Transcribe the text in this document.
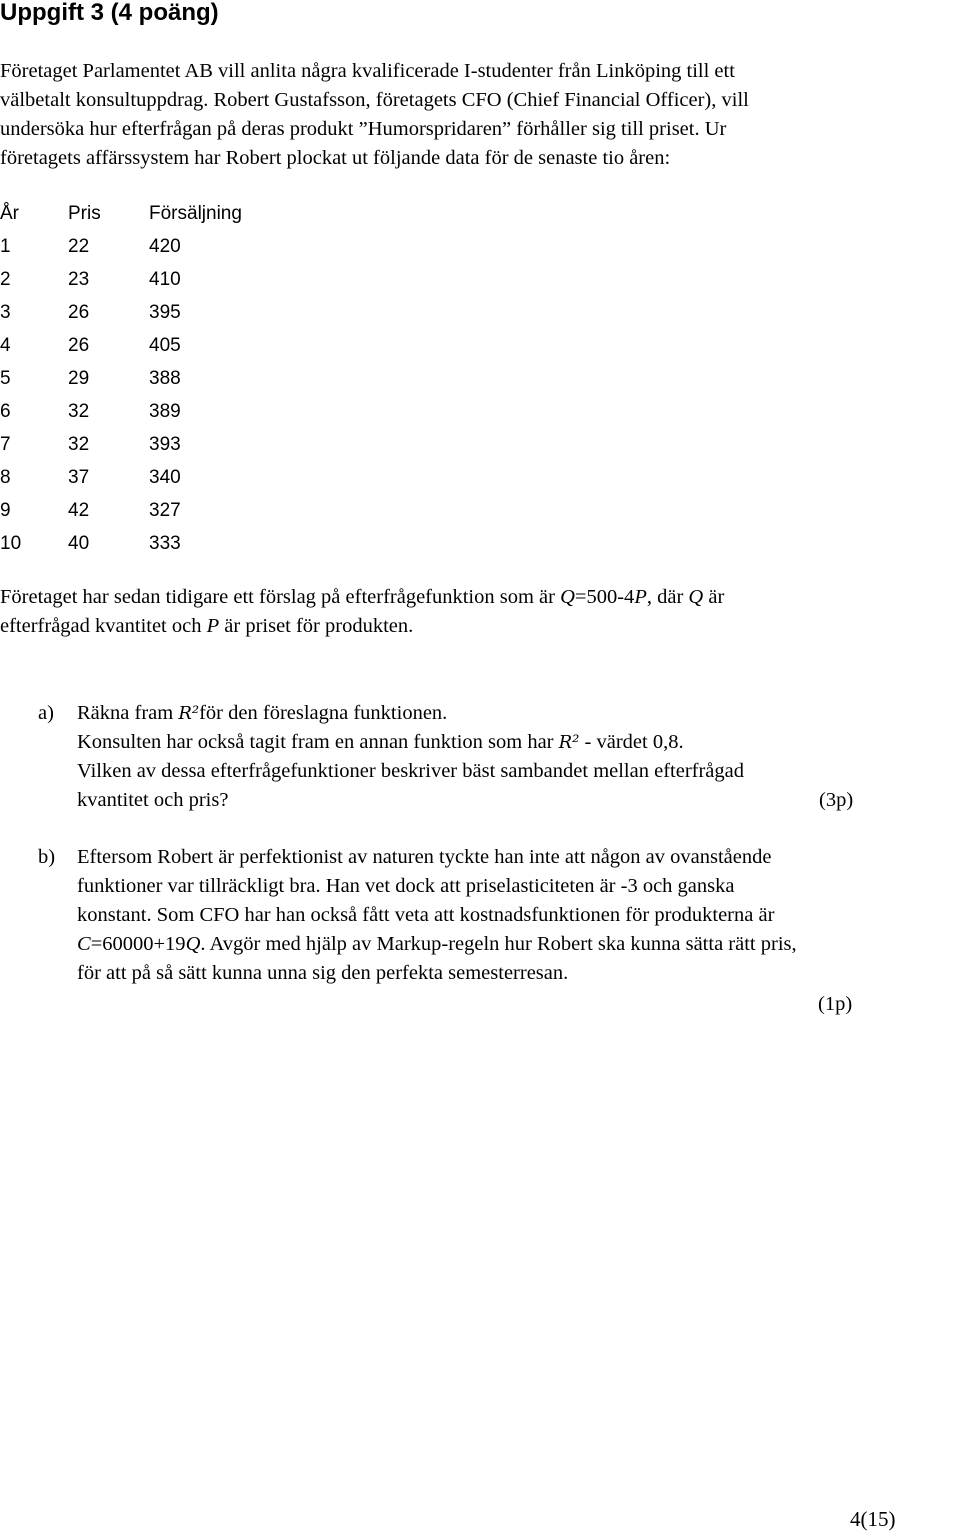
Uppgift 3 (4 poäng)
Företaget Parlamentet AB vill anlita några kvalificerade I-studenter från Linköping till ett
välbetalt konsultuppdrag. Robert Gustafsson, företagets CFO (Chief Financial Officer), vill
undersöka hur efterfrågan på deras produkt ”Humorspridaren” förhåller sig till priset. Ur
företagets affärssystem har Robert plockat ut följande data för de senaste tio åren:
År	Pris	Försäljning
1	22	420
2	23	410
3	26	395
4	26	405
5	29	388
6	32	389
7	32	393
8	37	340
9	42	327
10	40	333
Företaget har sedan tidigare ett förslag på efterfrågefunktion som är Q=500-4P, där Q är
efterfrågad kvantitet och P är priset för produkten.
a) Räkna fram R²för den föreslagna funktionen.
Konsulten har också tagit fram en annan funktion som har R² - värdet 0,8.
Vilken av dessa efterfrågefunktioner beskriver bäst sambandet mellan efterfrågad
kvantitet och pris?	(3p)
b) Eftersom Robert är perfektionist av naturen tyckte han inte att någon av ovanstående
funktioner var tillräckligt bra. Han vet dock att priselasticiteten är -3 och ganska
konstant. Som CFO har han också fått veta att kostnadsfunktionen för produkterna är
C=60000+19Q. Avgör med hjälp av Markup-regeln hur Robert ska kunna sätta rätt pris,
för att på så sätt kunna unna sig den perfekta semesterresan.
(1p)
4(15)
